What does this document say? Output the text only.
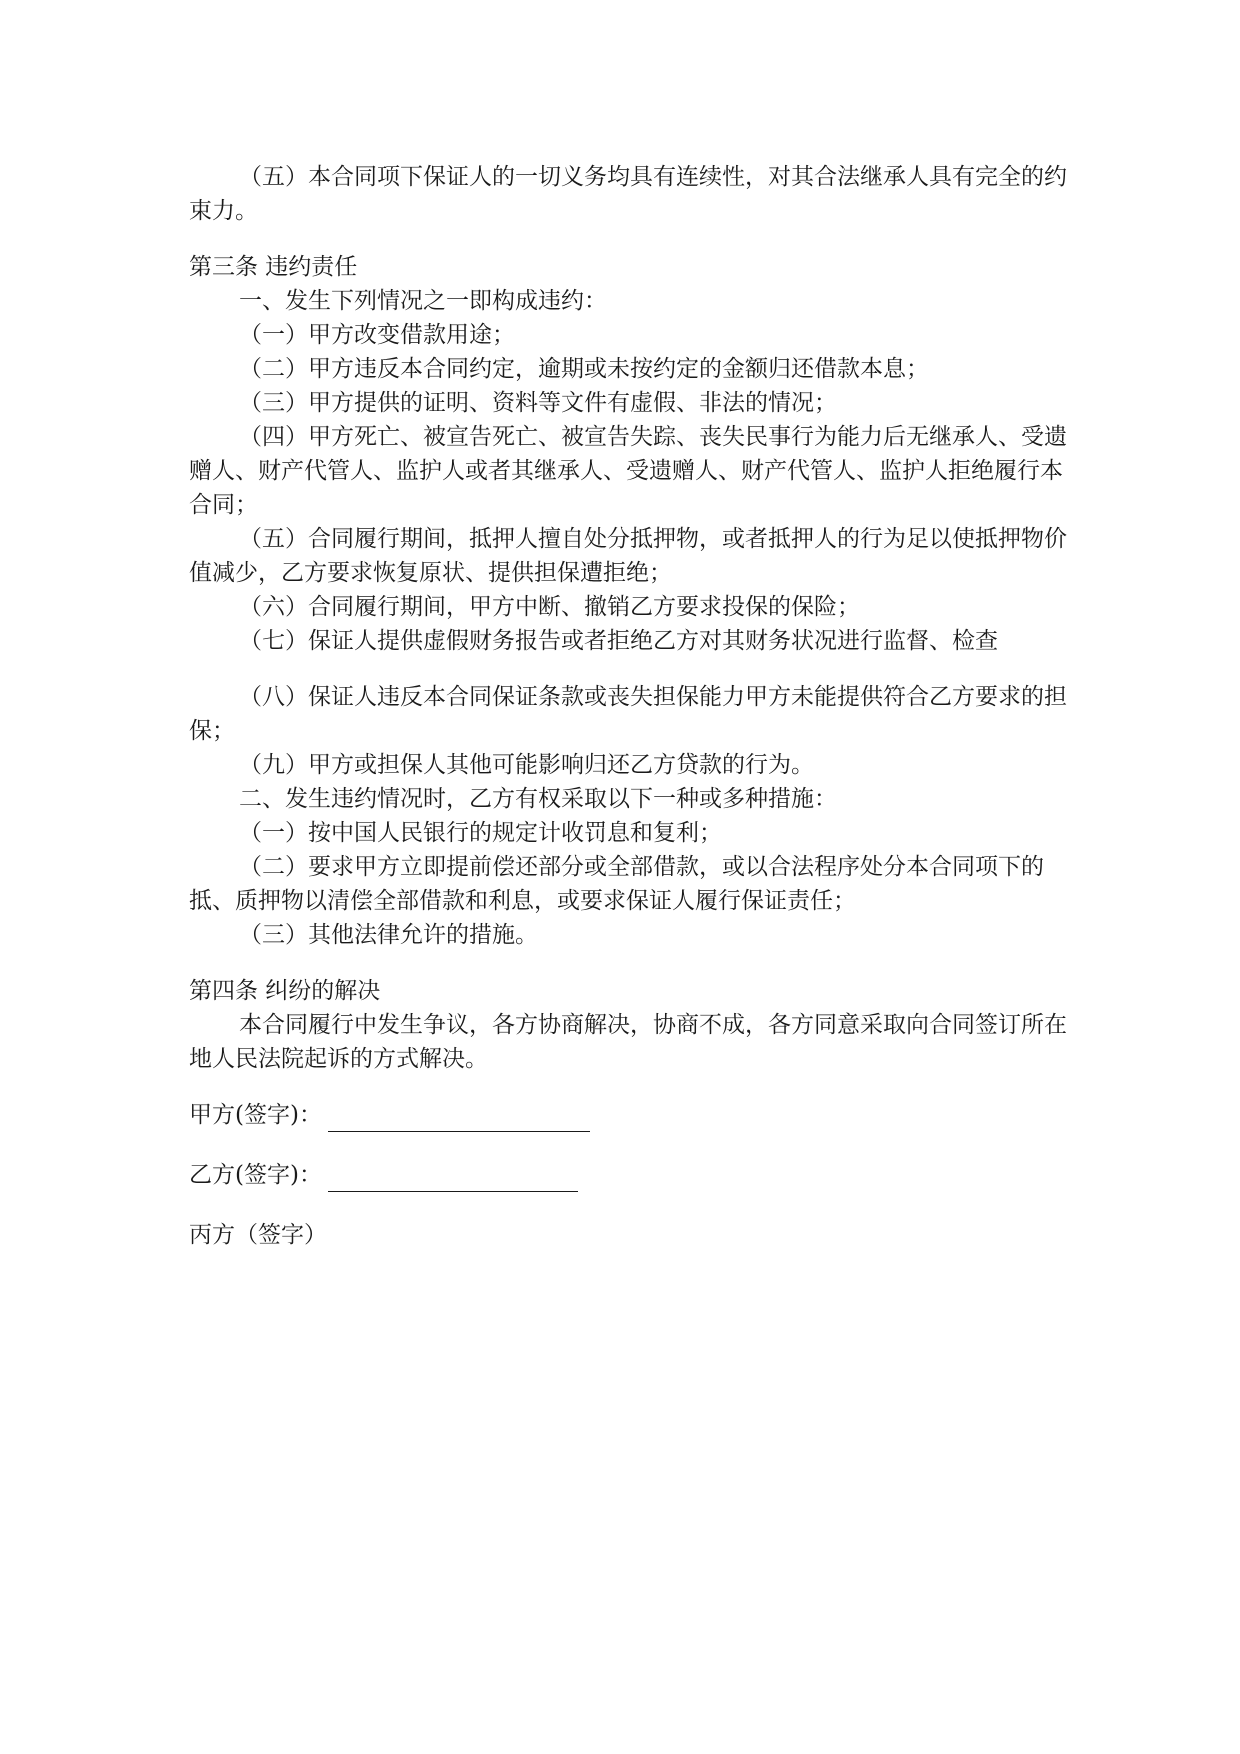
（五）本合同项下保证人的一切义务均具有连续性，对其合法继承人具有完全的约束力。

第三条 违约责任

一、发生下列情况之一即构成违约：

（一）甲方改变借款用途；

（二）甲方违反本合同约定，逾期或未按约定的金额归还借款本息；

（三）甲方提供的证明、资料等文件有虚假、非法的情况；

（四）甲方死亡、被宣告死亡、被宣告失踪、丧失民事行为能力后无继承人、受遗赠人、财产代管人、监护人或者其继承人、受遗赠人、财产代管人、监护人拒绝履行本合同；

（五）合同履行期间，抵押人擅自处分抵押物，或者抵押人的行为足以使抵押物价值减少，乙方要求恢复原状、提供担保遭拒绝；

（六）合同履行期间，甲方中断、撤销乙方要求投保的保险；

（七）保证人提供虚假财务报告或者拒绝乙方对其财务状况进行监督、检查

（八）保证人违反本合同保证条款或丧失担保能力甲方未能提供符合乙方要求的担保；

（九）甲方或担保人其他可能影响归还乙方贷款的行为。

二、发生违约情况时，乙方有权采取以下一种或多种措施：

（一）按中国人民银行的规定计收罚息和复利；

（二）要求甲方立即提前偿还部分或全部借款，或以合法程序处分本合同项下的抵、质押物以清偿全部借款和利息，或要求保证人履行保证责任；

（三）其他法律允许的措施。

第四条 纠纷的解决

本合同履行中发生争议，各方协商解决，协商不成，各方同意采取向合同签订所在地人民法院起诉的方式解决。

甲方(签字)：

乙方(签字)：

丙方（签字）
